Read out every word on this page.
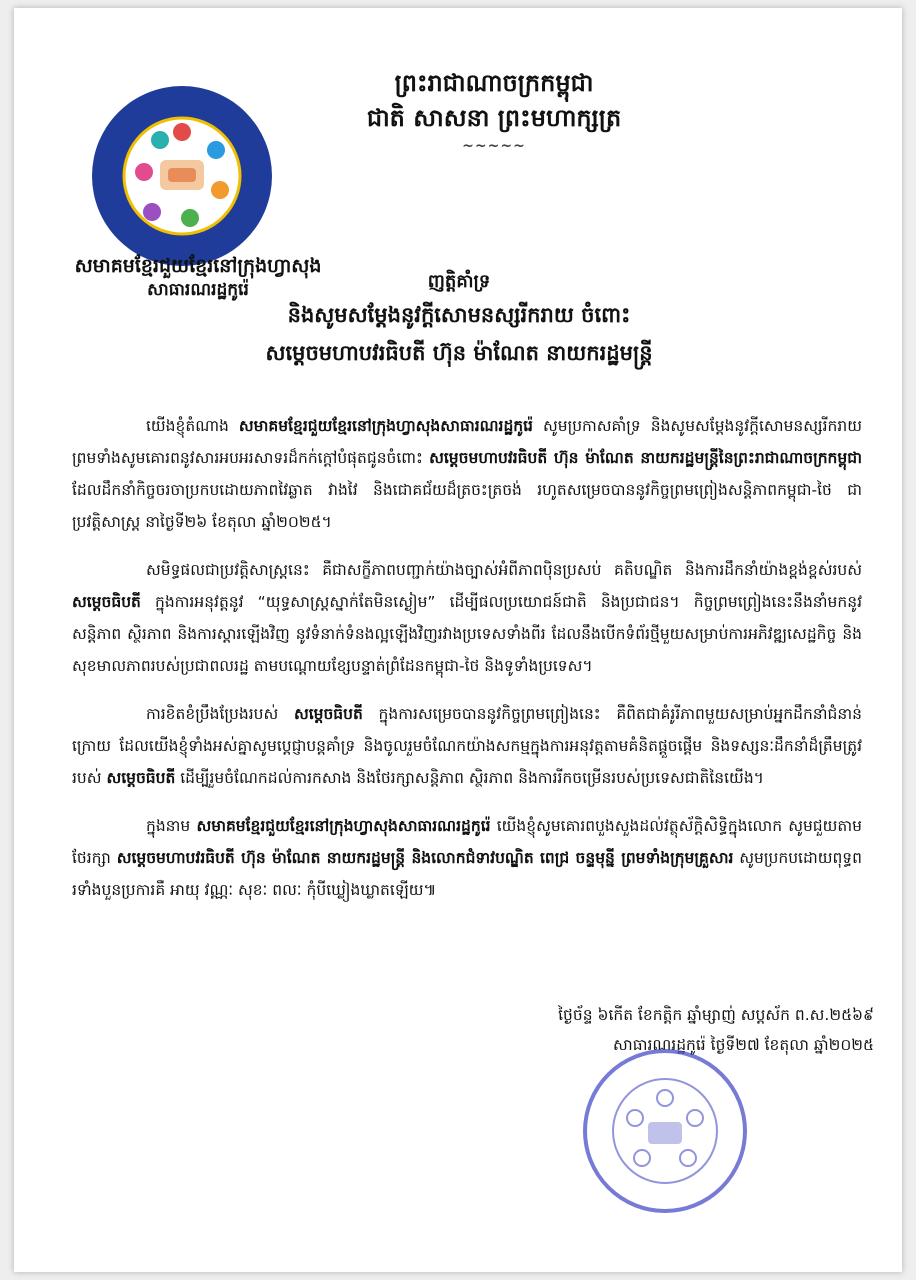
សមាគមខ្មែរជួយខ្មែរនៅក្រុងហ្វាសុង
សាធារណរដ្ឋកូរ៉េ
ព្រះរាជាណាចក្រកម្ពុជា
ជាតិ សាសនា ព្រះមហាក្សត្រ
~~~~~
ញត្តិគាំទ្រ
និងសូមសម្ដែងនូវក្ដីសោមនស្សរីករាយ ចំពោះ
សម្ដេចមហាបវរធិបតី ហ៊ុន ម៉ាណែត នាយករដ្ឋមន្ត្រី

យើងខ្ញុំតំណាង សមាគមខ្មែរជួយខ្មែរនៅក្រុងហ្វាសុងសាធារណរដ្ឋកូរ៉េ សូមប្រកាសគាំទ្រ និងសូមសម្ដែងនូវក្ដីសោមនស្សរីករាយ ព្រមទាំងសូមគោរពនូវសារអបអរសាទរដ៏កក់ក្ដៅបំផុតជូនចំពោះ សម្ដេចមហាបវរធិបតី ហ៊ុន ម៉ាណែត នាយករដ្ឋមន្ត្រីនៃព្រះរាជាណាចក្រកម្ពុជា ដែលដឹកនាំកិច្ចចរចាប្រកបដោយភាពវៃឆ្លាត វាងវៃ និងជោគជ័យដ៏ត្រចះត្រចង់ រហូតសម្រេចបាននូវកិច្ចព្រមព្រៀងសន្តិភាពកម្ពុជា-ថៃ ជាប្រវត្តិសាស្ត្រ នាថ្ងៃទី២៦ ខែតុលា ឆ្នាំ២០២៥។

សមិទ្ធផលជាប្រវត្តិសាស្ត្រនេះ គឺជាសក្ខីភាពបញ្ជាក់យ៉ាងច្បាស់អំពីភាពប៉ិនប្រសប់ គតិបណ្ឌិត និងការដឹកនាំយ៉ាងខ្ពង់ខ្ពស់របស់ សម្ដេចធិបតី ក្នុងការអនុវត្តនូវ “យុទ្ធសាស្ត្រស្នាក់តែមិនស្ងៀម” ដើម្បីផលប្រយោជន៍ជាតិ និងប្រជាជន។ កិច្ចព្រមព្រៀងនេះនឹងនាំមកនូវសន្តិភាព ស្ថិរភាព និងការស្ដារឡើងវិញ នូវទំនាក់ទំនងល្អឡើងវិញរវាងប្រទេសទាំងពីរ ដែលនឹងបើកទំព័រថ្មីមួយសម្រាប់ការអភិវឌ្ឍសេដ្ឋកិច្ច និងសុខមាលភាពរបស់ប្រជាពលរដ្ឋ តាមបណ្ដោយខ្សែបន្ទាត់ព្រំដែនកម្ពុជា-ថៃ និងទូទាំងប្រទេស។

ការខិតខំប្រឹងប្រែងរបស់ សម្ដេចធិបតី ក្នុងការសម្រេចបាននូវកិច្ចព្រមព្រៀងនេះ គឺពិតជាគំរូរីភាពមួយសម្រាប់អ្នកដឹកនាំជំនាន់ក្រោយ ដែលយើងខ្ញុំទាំងអស់គ្នាសូមប្ដេជ្ញាបន្តគាំទ្រ និងចូលរួមចំណែកយ៉ាងសកម្មក្នុងការអនុវត្តតាមគំនិតផ្ដួចផ្ដើម និងទស្សនៈដឹកនាំដ៏ត្រឹមត្រូវរបស់ សម្ដេចធិបតី ដើម្បីរួមចំណែកដល់ការកសាង និងថែរក្សាសន្តិភាព ស្ថិរភាព និងការរីកចម្រើនរបស់ប្រទេសជាតិនៃយើង។

ក្នុងនាម សមាគមខ្មែរជួយខ្មែរនៅក្រុងហ្វាសុងសាធារណរដ្ឋកូរ៉េ យើងខ្ញុំសូមគោរពបួងសួងដល់វត្ថុស័ក្តិសិទ្ធិក្នុងលោក សូមជួយតាមថែរក្សា សម្ដេចមហាបវរធិបតី ហ៊ុន ម៉ាណែត នាយករដ្ឋមន្ត្រី និងលោកជំទាវបណ្ឌិត ពេជ្រ ចន្ទមុន្នី ព្រមទាំងក្រុមគ្រួសារ សូមប្រកបដោយពុទ្ធពរទាំងបួនប្រការគឺ អាយុ វណ្ណៈ សុខៈ ពលៈ កុំបីឃ្លៀងឃ្លាតឡើយ៕

ថ្ងៃច័ន្ទ ៦កើត ខែកត្តិក ឆ្នាំម្សាញ់ សប្តស័ក ព.ស.២៥៦៩
សាធារណរដ្ឋកូរ៉េ ថ្ងៃទី២៧ ខែតុលា ឆ្នាំ២០២៥
